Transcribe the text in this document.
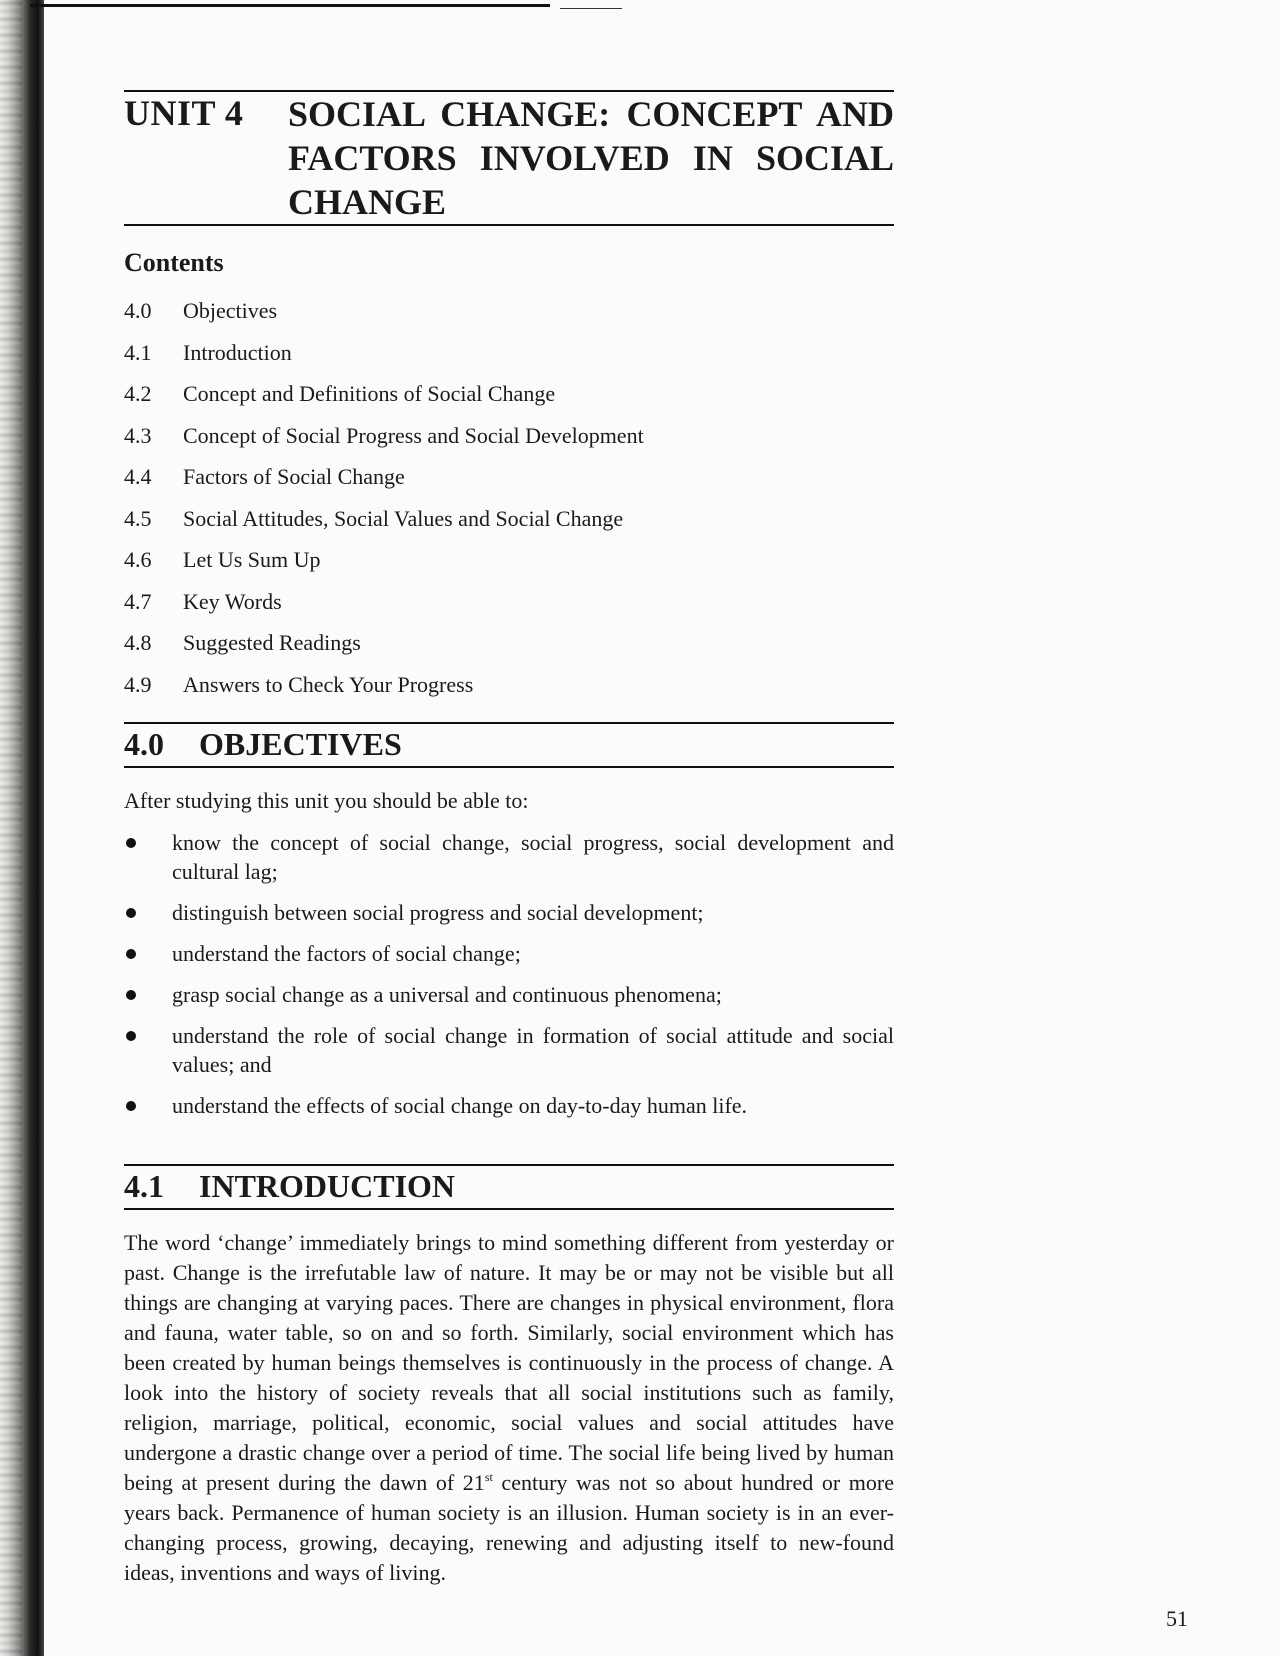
UNIT 4 SOCIAL CHANGE: CONCEPT AND
FACTORS INVOLVED IN SOCIAL
CHANGE
Contents
4.0	Objectives
4.1	Introduction
4.2	Concept and Definitions of Social Change
4.3	Concept of Social Progress and Social Development
4.4	Factors of Social Change
4.5	Social Attitudes, Social Values and Social Change
4.6	Let Us Sum Up
4.7	Key Words
4.8	Suggested Readings
4.9	Answers to Check Your Progress
4.0	OBJECTIVES
After studying this unit you should be able to:
know the concept of social change, social progress, social development and cultural lag;
distinguish between social progress and social development;
understand the factors of social change;
grasp social change as a universal and continuous phenomena;
understand the role of social change in formation of social attitude and social values; and
understand the effects of social change on day-to-day human life.
4.1	INTRODUCTION

The word ‘change’ immediately brings to mind something different from yesterday or past. Change is the irrefutable law of nature. It may be or may not be visible but all things are changing at varying paces. There are changes in physical environment, flora and fauna, water table, so on and so forth. Similarly, social environment which has been created by human beings themselves is continuously in the process of change. A look into the history of society reveals that all social institutions such as family, religion, marriage, political, economic, social values and social attitudes have undergone a drastic change over a period of time. The social life being lived by human being at present during the dawn of 21st century was not so about hundred or more years back. Permanence of human society is an illusion. Human society is in an ever-changing process, growing, decaying, renewing and adjusting itself to new-found ideas, inventions and ways of living.

51
